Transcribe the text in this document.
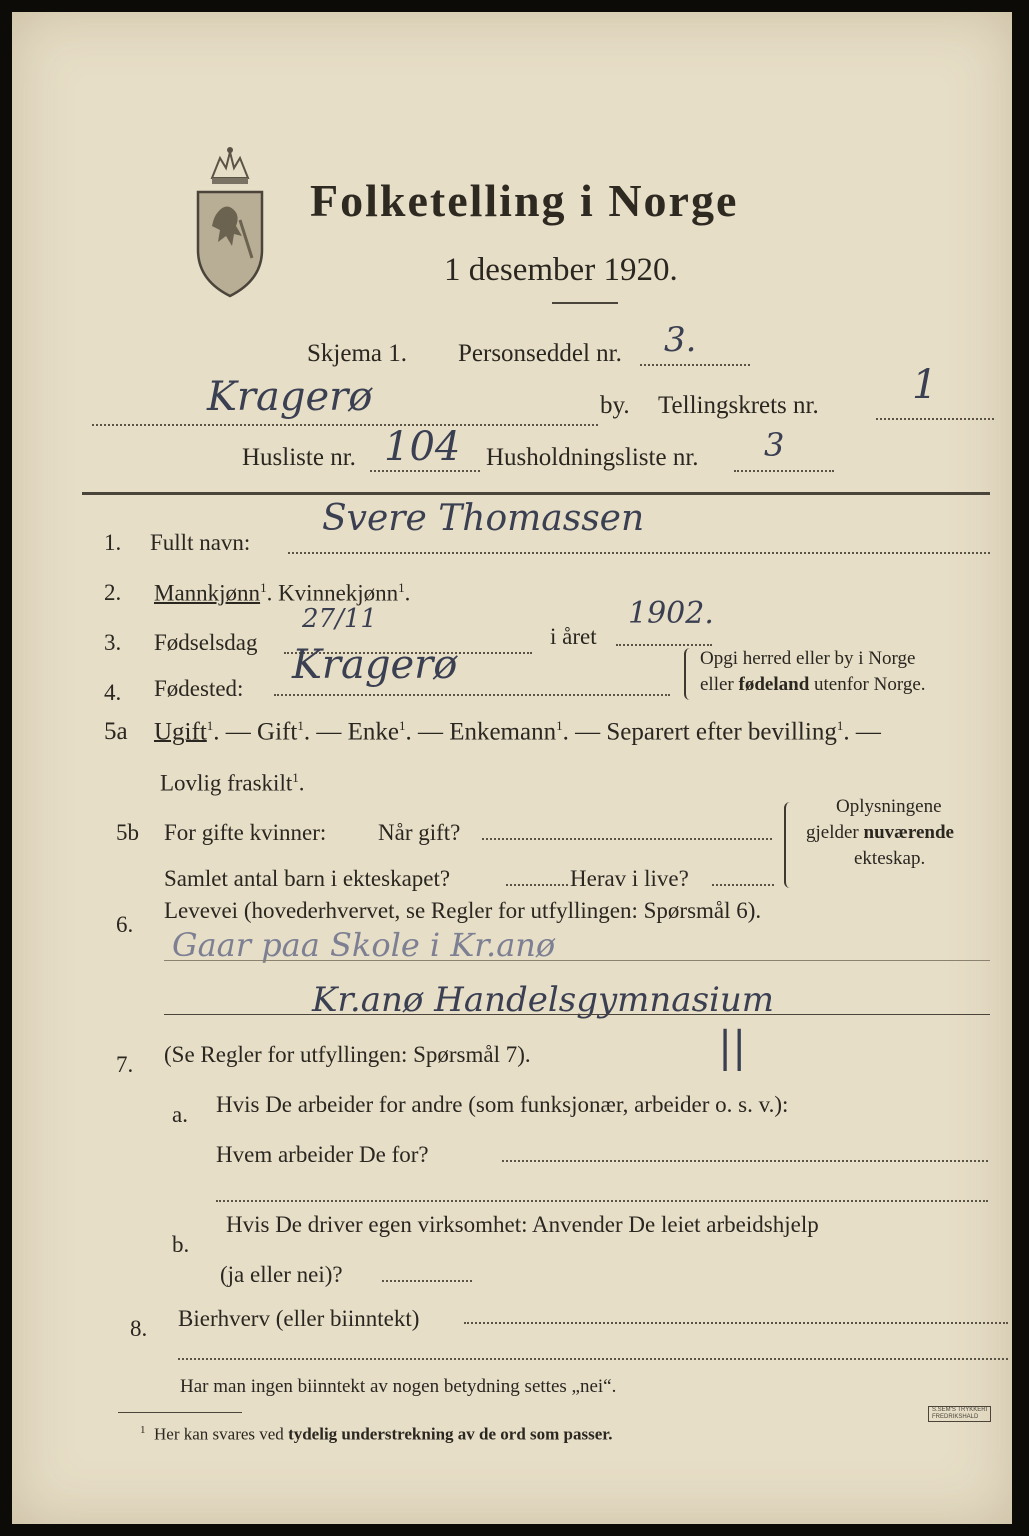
Folketelling i Norge
1 desember 1920.
Skjema 1. Personseddel nr. 3.
Kragerø	by. Tellingskrets nr. 1
Husliste nr. 104 Husholdningsliste nr. 3
1. Fullt navn:
Svere Thomassen
2. Mannkjønn$^1$. Kvinnekjønn$^1$.
3. Fødselsdag
27/11
i året
1902.
4. Fødested:
Kragerø	Opgi herred eller by i Norge
eller fødeland utenfor Norge.
5a Ugift$^1$. — Gift$^1$. — Enke$^1$. — Enkemann$^1$. — Separert efter bevilling$^1$. —
Lovlig fraskilt$^1$.
5b For gifte kvinner: Når gift?
Samlet antal barn i ekteskapet?	Herav i live?
Oplysningene
gjelder nuværende
ekteskap.
6.
Levevei (hovederhvervet, se Regler for utfyllingen: Spørsmål 6).
Gaar paa Skole i Kr.anø
Kr.anø Handelsgymnasium
7. (Se Regler for utfyllingen: Spørsmål 7).	||
a. Hvis De arbeider for andre (som funksjonær, arbeider o. s. v.):
Hvem arbeider De for?
b.
Hvis De driver egen virksomhet: Anvender De leiet arbeidshjelp
(ja eller nei)?
8. Bierhverv (eller biinntekt)
Har man ingen biinntekt av nogen betydning settes „nei“.
$^1$ Her kan svares ved tydelig understrekning av de ord som passer.
S.SEM'S TRYKKERI
FREDRIKSHALD
